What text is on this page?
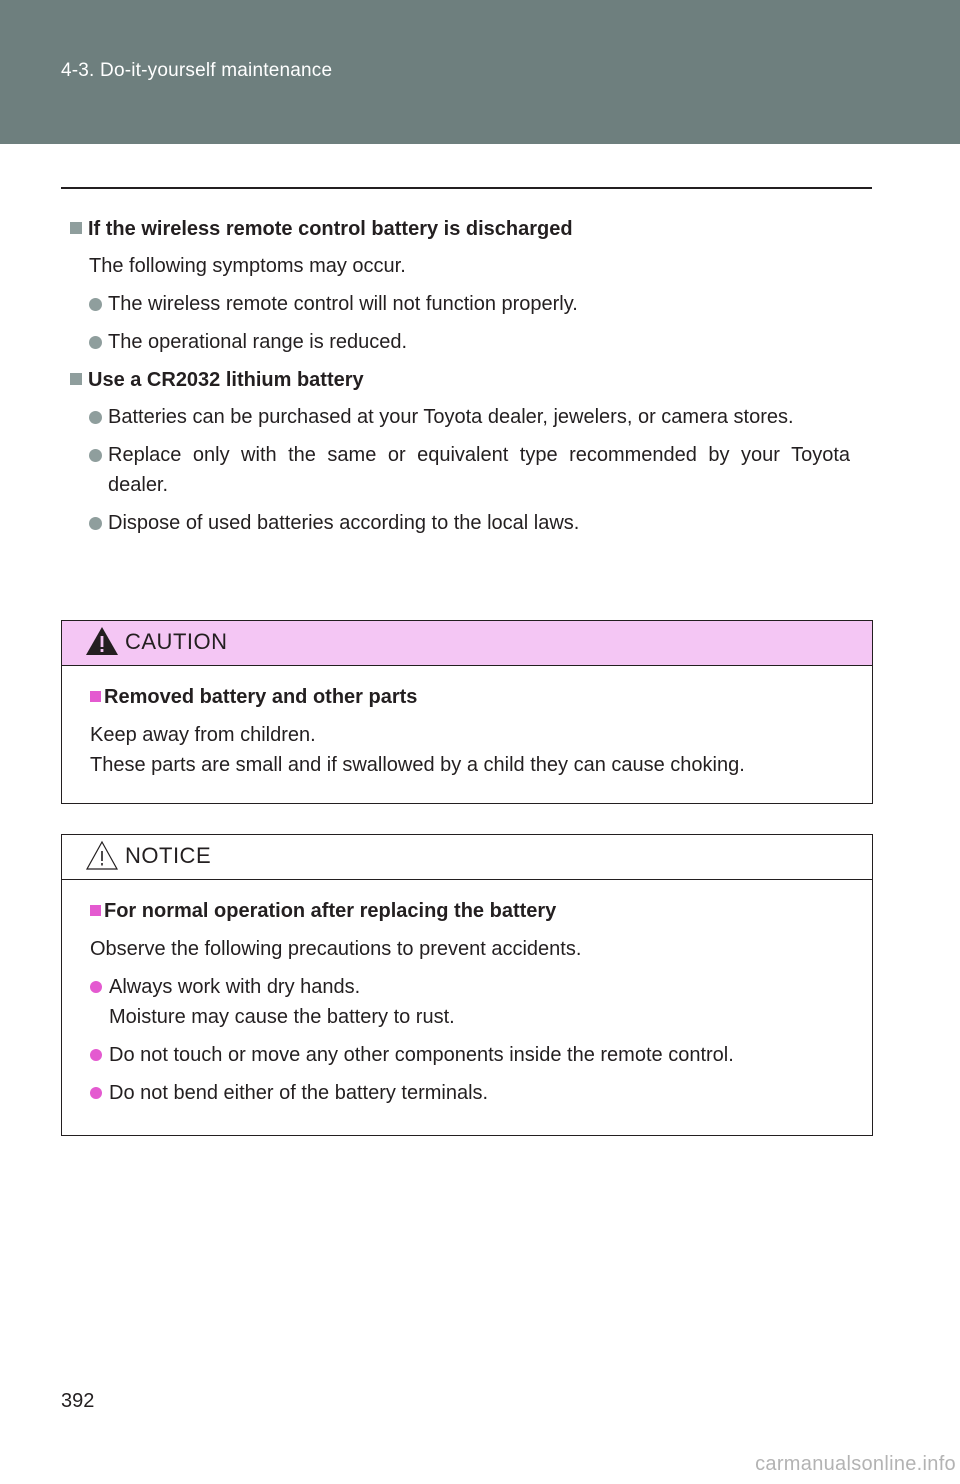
4-3. Do-it-yourself maintenance
If the wireless remote control battery is discharged
The following symptoms may occur.
The wireless remote control will not function properly.
The operational range is reduced.
Use a CR2032 lithium battery
Batteries can be purchased at your Toyota dealer, jewelers, or camera stores.
Replace only with the same or equivalent type recommended by your Toyota dealer.
Dispose of used batteries according to the local laws.
CAUTION
Removed battery and other parts
Keep away from children.
These parts are small and if swallowed by a child they can cause choking.
NOTICE
For normal operation after replacing the battery
Observe the following precautions to prevent accidents.
Always work with dry hands.
Moisture may cause the battery to rust.
Do not touch or move any other components inside the remote control.
Do not bend either of the battery terminals.
392
carmanualsonline.info
